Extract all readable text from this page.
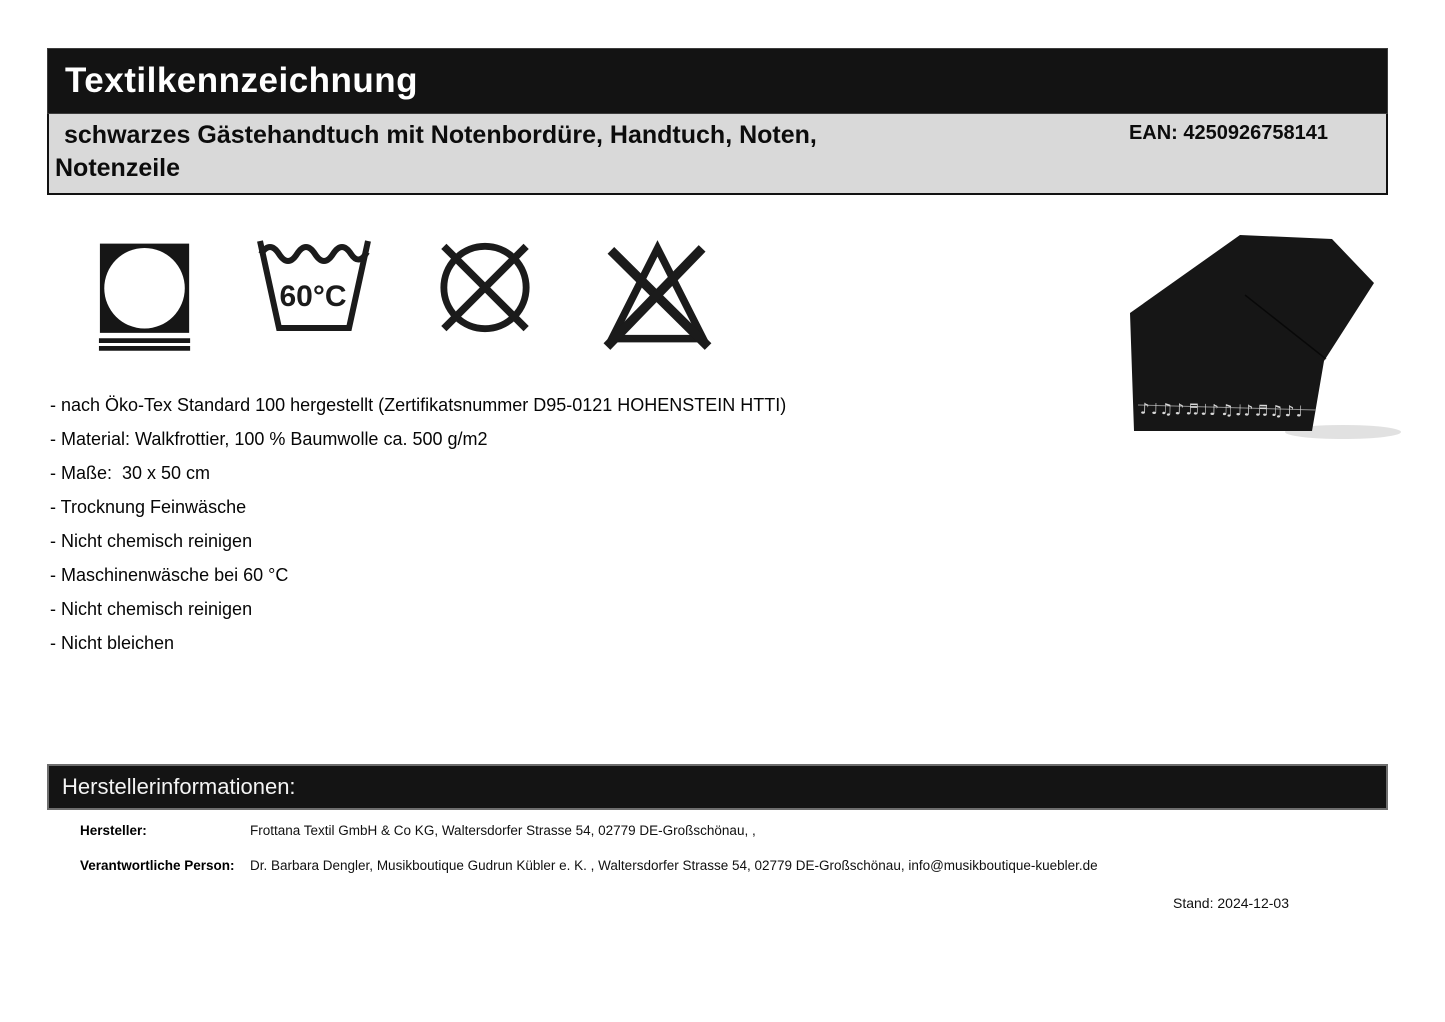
Textilkennzeichnung
schwarzes Gästehandtuch mit Notenbordüre, Handtuch, Noten, Notenzeile
EAN: 4250926758141
60°C
♪♩♫♪♬♩♪♫♩♪♬♫♪♩
- nach Öko-Tex Standard 100 hergestellt (Zertifikatsnummer D95-0121 HOHENSTEIN HTTI)
- Material: Walkfrottier, 100 % Baumwolle ca. 500 g/m2
- Maße:  30 x 50 cm
- Trocknung Feinwäsche
- Nicht chemisch reinigen
- Maschinenwäsche bei 60 °C
- Nicht chemisch reinigen
- Nicht bleichen
Herstellerinformationen:
Hersteller:	Frottana Textil GmbH & Co KG, Waltersdorfer Strasse 54, 02779 DE-Großschönau, ,
Verantwortliche Person: Dr. Barbara Dengler, Musikboutique Gudrun Kübler e. K. , Waltersdorfer Strasse 54, 02779 DE-Großschönau, info@musikboutique-kuebler.de
Stand: 2024-12-03
